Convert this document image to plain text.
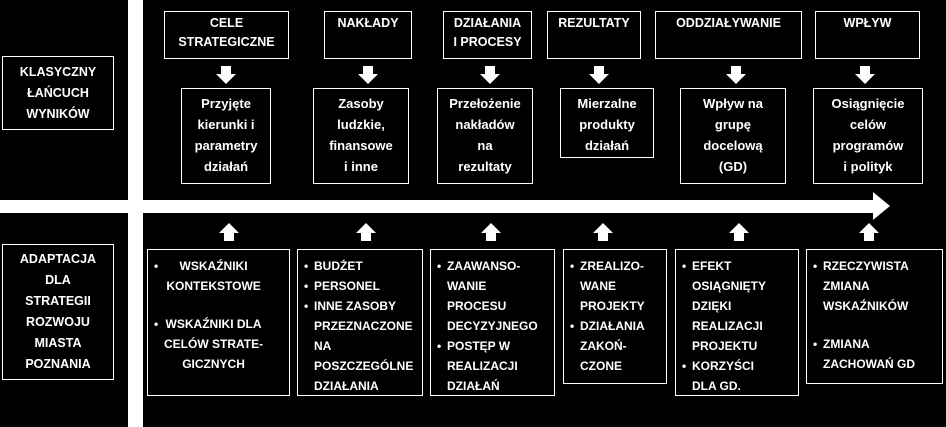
KLASYCZNY
ŁAŃCUCH
WYNIKÓW
ADAPTACJA
DLA
STRATEGII
ROZWOJU
MIASTA
POZNANIA
CELE
STRATEGICZNE
Przyjęte
kierunki i
parametry
działań
• WSKAŹNIKI
KONTEKSTOWE
• WSKAŹNIKI DLA
CELÓW STRATE-
GICZNYCH
NAKŁADY
Zasoby
ludzkie,
finansowe
i inne
• BUDŻET
• PERSONEL
• INNE ZASOBY
PRZEZNACZONE
NA
POSZCZEGÓLNE
DZIAŁANIA
DZIAŁANIA
I PROCESY
Przełożenie
nakładów
na
rezultaty
• ZAAWANSO-
WANIE
PROCESU
DECYZYJNEGO
• POSTĘP W
REALIZACJI
DZIAŁAŃ
REZULTATY
Mierzalne
produkty
działań
• ZREALIZO-
WANE
PROJEKTY
• DZIAŁANIA
ZAKOŃ-
CZONE
ODDZIAŁYWANIE
Wpływ na
grupę
docelową
(GD)
• EFEKT
OSIĄGNIĘTY
DZIĘKI
REALIZACJI
PROJEKTU
• KORZYŚCI
DLA GD.
WPŁYW
Osiągnięcie
celów
programów
i polityk
• RZECZYWISTA
ZMIANA
WSKAŹNIKÓW
• ZMIANA
ZACHOWAŃ GD
